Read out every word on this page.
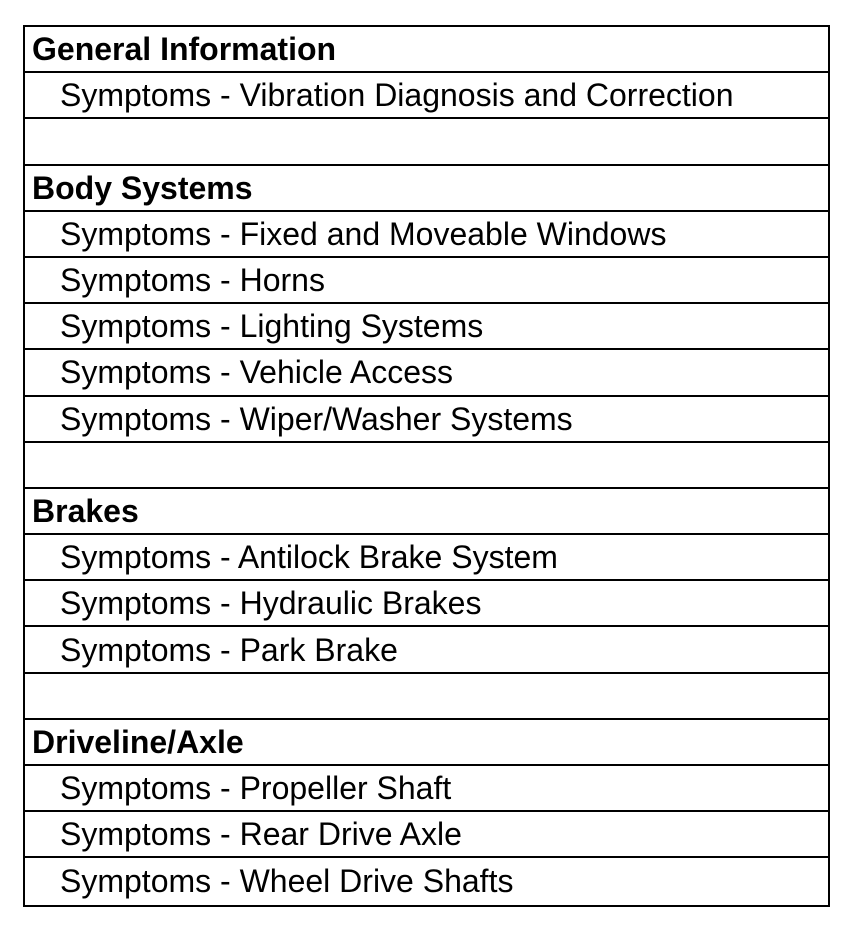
General Information
Symptoms - Vibration Diagnosis and Correction
Body Systems
Symptoms - Fixed and Moveable Windows
Symptoms - Horns
Symptoms - Lighting Systems
Symptoms - Vehicle Access
Symptoms - Wiper/Washer Systems
Brakes
Symptoms - Antilock Brake System
Symptoms - Hydraulic Brakes
Symptoms - Park Brake
Driveline/Axle
Symptoms - Propeller Shaft
Symptoms - Rear Drive Axle
Symptoms - Wheel Drive Shafts
